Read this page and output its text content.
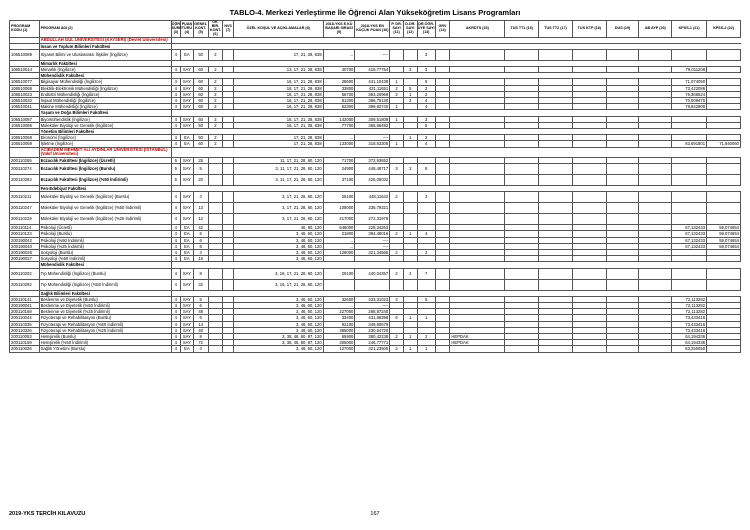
TABLO-4. Merkezi Yerleştirme İle Öğrenci Alan Yükseköğretim Lisans Programları
PROGRAM KODU (1)	PROGRAM ADI (2)	ÖĞR. SÜRE (3)	PUAN TÜRÜ (4)	GENEL KONT. (5)	OK. BİR. KONT. (6)	NVS (7)	ÖZEL KOŞUL VE AÇIKLAMALAR (8)	2018-YKS E.KÜ BAŞARI SIRASI (9)	2018-YKS EN KÜÇÜK PUAN (10)	P. DR. SAYI (11)	D.DR. SAYI (12)	DR.ÖĞR. ÜYE SAYI (13)	GRV (14)	AKRDTS (15)	TUS TT1 (16)	TUS TT2 (17)	TUS KTP (18)	DUS (19)	AB AYP (20)	KPSS-1 (21)	KPSS-2 (22)
	ABDULLAH GÜL ÜNİVERSİTESİ (KAYSERİ) (Devlet Üniversitesi)																				
	İnsan ve Toplum Bilimleri Fakültesi																				
106510089	Siyaset Bilimi ve Uluslararası İlişkiler (İngilizce)	4	EA	50	2		17, 21, 28, 838	...	----			3									
	Mimarlık Fakültesi																				
106510014	Mimarlık (İngilizce)	4	SAY	60	2		13, 17, 21, 28, 838	40700	418,77754		2	3								79,011208	
	Mühendislik Fakültesi																				
106510077	Bilgisayar Mühendisliği (İngilizce)	4	SAY	60	2		16, 17, 21, 28, 838	28600	441,10438	1		5								71,074050	
106510068	Elektrik-Elektronik Mühendisliği (İngilizce)	4	SAY	60	2		16, 17, 21, 28, 838	33800	431,11651	2	5	3								73,422086	
106510023	Endüstri Mühendisliği (İngilizce)	4	SAY	60	2		16, 17, 21, 28, 838	56700	393,20969	2	1	2								76,366524	
106510032	İnşaat Mühendisliği (İngilizce)	4	SAY	60	2		16, 17, 21, 28, 838	61200	386,75130		2	4								70,009470	
106510041	Makine Mühendisliği (İngilizce)	4	SAY	60	2		16, 17, 21, 28, 838	52300	399,82740	1		4								78,842800	
	Yaşam ve Doğa Bilimleri Fakültesi																				
106510087	Biyomühendislik (İngilizce)	4	SAY	60	2		16, 17, 21, 28, 838	142000	309,51809	1		3									
106510086	Moleküler Biyoloji ve Genetik (İngilizce)	4	SAY	50	2		16, 17, 21, 28, 838	77700	365,66492			5									
	Yönetim Bilimleri Fakültesi																				
106510068	Ekonomi (İngilizce)	4	EA	50	2		17, 21, 28, 838	...	----		1	2									
106510059	İşletme (İngilizce)	4	EA	60	2		17, 21, 28, 838	133000	318,53306	1		4								83,691801	71,940060
	ACIBADEM MEHMET ALİ AYDINLAR ÜNİVERSİTESİ (İSTANBUL) (Vakıf Üniversitesi)																				
200110265	Eczacılık Fakültesi (İngilizce) (Ücretli)	5	SAY	25			11, 17, 21, 28, 60, 120	71700	372,93652												
200110274	Eczacılık Fakültesi (İngilizce) (Burslu)	5	SAY	5			3, 11, 17, 21, 28, 60, 120	24900	448,48717	3	2	9									
200110283	Eczacılık Fakültesi (İngilizce) (%50 İndirimli)	5	SAY	20			3, 11, 17, 21, 28, 60, 120	37100	425,05032												
	Fen-Edebiyat Fakültesi																				
200110211	Moleküler Biyoloji ve Genetik (İngilizce) (Burslu)	4	SAY	4			3, 17, 21, 28, 60, 120	25100	448,11642	2		3									
200110247	Moleküler Biyoloji ve Genetik (İngilizce) (%50 İndirimli)	4	SAY	13			3, 17, 21, 28, 60, 120	105000	336,79321												
200110229	Moleküler Biyoloji ve Genetik (İngilizce) (%25 İndirimli)	4	SAY	12			3, 17, 21, 28, 60, 120	217000	272,31978												
200110114	Psikoloji (Ücretli)	4	EA	42			46, 60, 120	646000	228,34263											67,132433	59,074654
200110123	Psikoloji (Burslu)	4	EA	6			3, 46, 60, 120	21800	394,48016	2	1	4								67,132433	59,074654
200190042	Psikoloji (%50 İndirimli)	4	EA	6			3, 46, 60, 120	...	----											67,132433	59,074654
200190040	Psikoloji (%25 İndirimli)	4	EA	6			3, 46, 60, 120	...	----											67,132433	59,074654
200190026	Sosyoloji (Burslu)	4	EA	4			3, 46, 60, 120	126000	321,34565	2		2									
200190027	Sosyoloji (%50 İndirimli)	4	EA	16			3, 46, 60, 120														
	Mühendislik Fakültesi																				
200110202	Tıp Mühendisliği (İngilizce) (Burslu)	4	SAY	8			3, 16, 17, 21, 28, 60, 120	29100	440,04357	2	2	7									
200110292	Tıp Mühendisliği (İngilizce) (%50 İndirimli)	4	SAY	32			3, 16, 17, 21, 28, 60, 120														
	Sağlık Bilimleri Fakültesi																				
200110141	Beslenme ve Diyetetik (Burslu)	4	SAY	6			3, 46, 60, 120	32600	433,31023	4		5								72,113282	
200190041	Beslenme ve Diyetetik (%50 İndirimli)	4	SAY	6			3, 46, 60, 120	...	----											72,113282	
200110168	Beslenme ve Diyetetik (%25 İndirimli)	4	SAY	48			3, 46, 60, 120	227000	268,87240											72,113282	
200110044	Fizyoterapi ve Rehabilitasyon (Burslu)	4	SAY	6			3, 46, 60, 120	33400	431,86398	6	1	1								73,433416	
200110335	Fizyoterapi ve Rehabilitasyon (%50 İndirimli)	4	SAY	14			3, 46, 60, 120	92100	349,80679											73,433416	
200110326	Fizyoterapi ve Rehabilitasyon (%25 İndirimli)	4	SAY	40			3, 46, 60, 120	385000	230,64720											73,433416	
200110053	Hemşirelik (Burslu)	4	SAY	8			3, 38, 46, 60, 87, 120	65900	380,42238	2	1	2		HEPDAK						64,194336	
200110159	Hemşirelik (%50 İndirimli)	4	SAY	72			3, 38, 46, 60, 87, 120	305000	246,77771					HEPDAK						64,194336	
200110026	Sağlık Yönetimi (Burslu)	4	EA	4			3, 46, 60, 120	127000	321,23505	2	1	1								63,250050	
2019-YKS TERCİH KILAVUZU	167
